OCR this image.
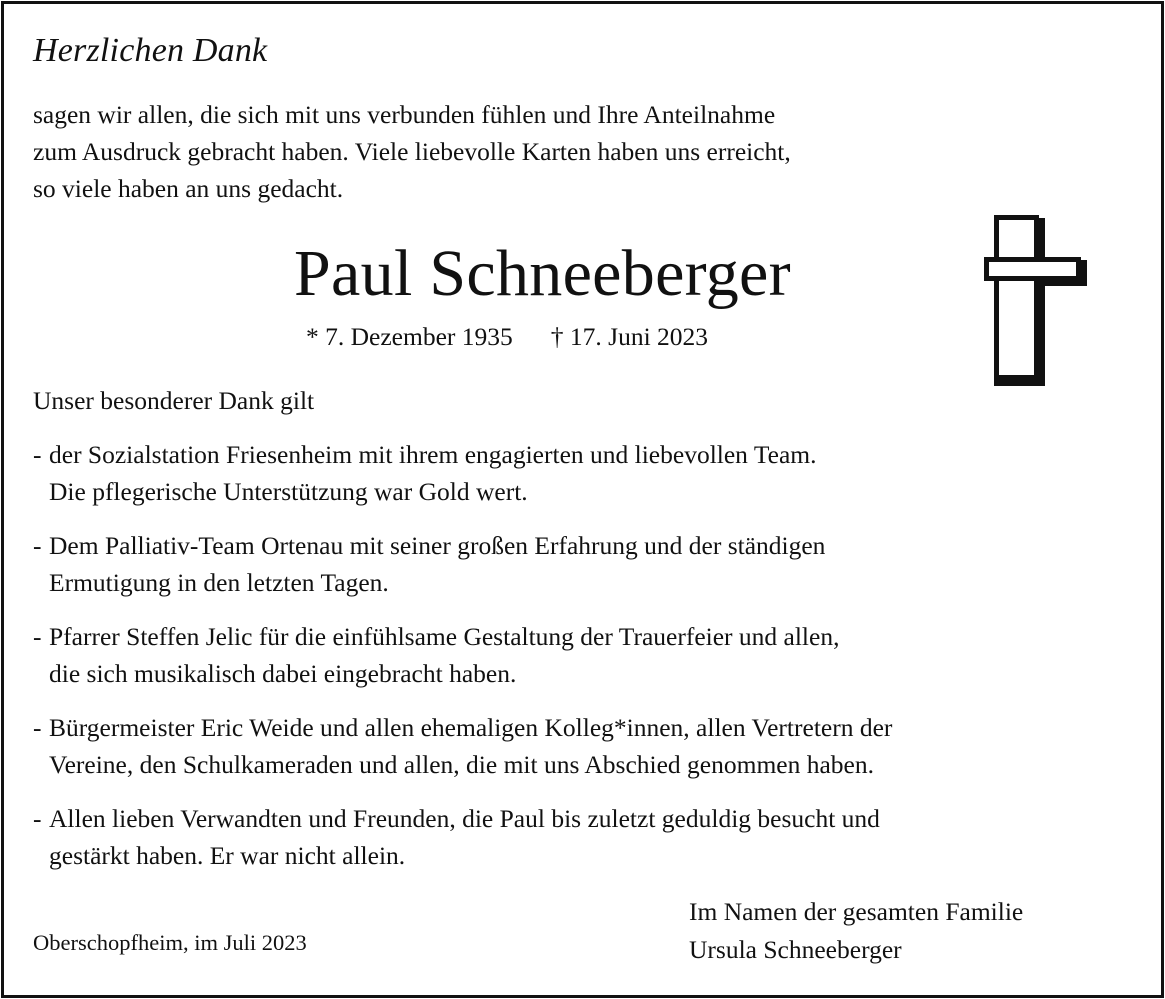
Herzlichen Dank
sagen wir allen, die sich mit uns verbunden fühlen und Ihre Anteilnahme
zum Ausdruck gebracht haben. Viele liebevolle Karten haben uns erreicht,
so viele haben an uns gedacht.
Paul Schneeberger
* 7. Dezember 1935 † 17. Juni 2023
Unser besonderer Dank gilt
- der Sozialstation Friesenheim mit ihrem engagierten und liebevollen Team.
Die pflegerische Unterstützung war Gold wert.
- Dem Palliativ-Team Ortenau mit seiner großen Erfahrung und der ständigen
Ermutigung in den letzten Tagen.
- Pfarrer Steffen Jelic für die einfühlsame Gestaltung der Trauerfeier und allen,
die sich musikalisch dabei eingebracht haben.
- Bürgermeister Eric Weide und allen ehemaligen Kolleg*innen, allen Vertretern der
Vereine, den Schulkameraden und allen, die mit uns Abschied genommen haben.
- Allen lieben Verwandten und Freunden, die Paul bis zuletzt geduldig besucht und
gestärkt haben. Er war nicht allein.
Im Namen der gesamten Familie
Ursula Schneeberger
Oberschopfheim, im Juli 2023
